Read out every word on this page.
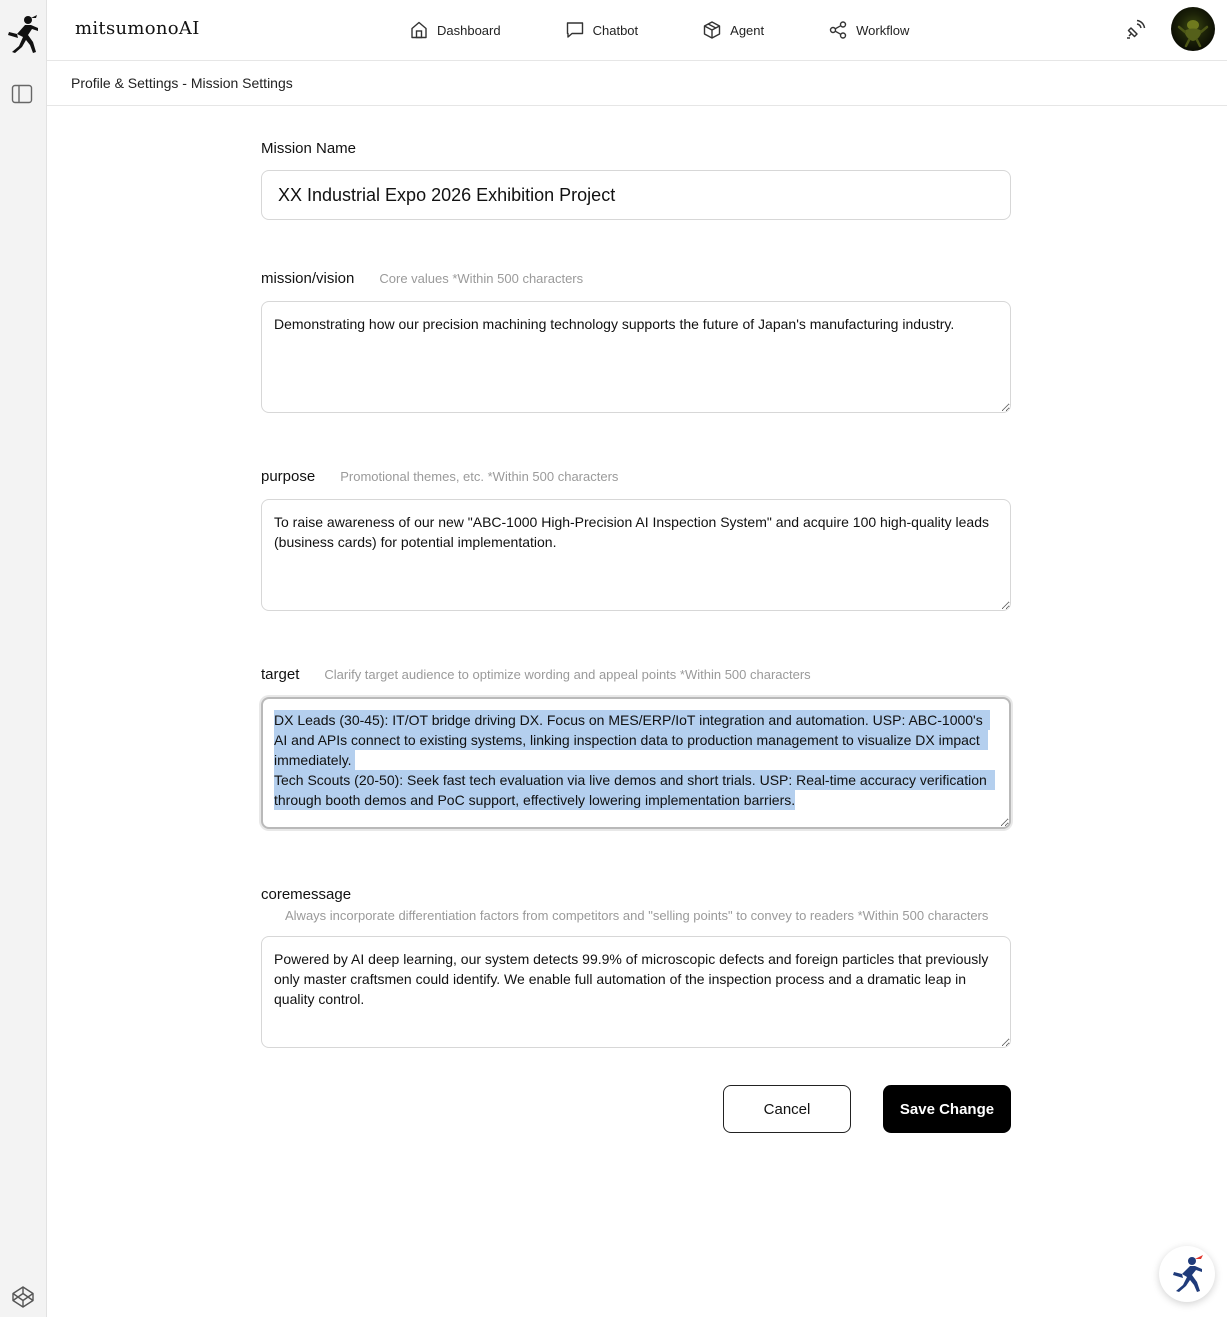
mitsumonoAI	Dashboard	Chatbot	Agent	Workflow
Profile & Settings - Mission Settings
Mission Name
XX Industrial Expo 2026 Exhibition Project
mission/vision Core values *Within 500 characters
Demonstrating how our precision machining technology supports the future of Japan's manufacturing industry.
purpose Promotional themes, etc. *Within 500 characters
To raise awareness of our new "ABC-1000 High-Precision AI Inspection System" and acquire 100 high-quality leads (business cards) for potential implementation.
target Clarify target audience to optimize wording and appeal points *Within 500 characters
DX Leads (30-45): IT/OT bridge driving DX. Focus on MES/ERP/IoT integration and automation. USP: ABC-1000's AI and APIs connect to existing systems, linking inspection data to production management to visualize DX impact immediately. Tech Scouts (20-50): Seek fast tech evaluation via live demos and short trials. USP: Real-time accuracy verification through booth demos and PoC support, effectively lowering implementation barriers.
coremessage
Always incorporate differentiation factors from competitors and "selling points" to convey to readers *Within 500 characters
Powered by AI deep learning, our system detects 99.9% of microscopic defects and foreign particles that previously only master craftsmen could identify. We enable full automation of the inspection process and a dramatic leap in quality control.
Cancel	Save Change
